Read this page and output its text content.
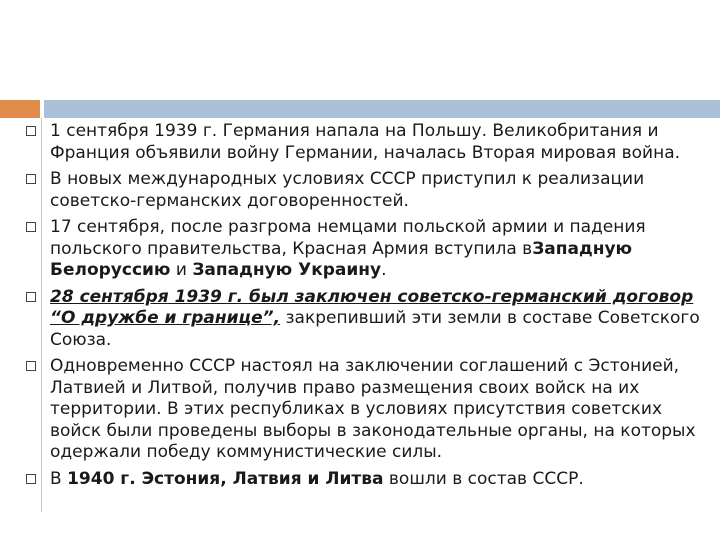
1 сентября 1939 г. Германия напала на Польшу. Великобритания и Франция объявили войну Германии, началась Вторая мировая война.
В новых международных условиях СССР приступил к реализации советско-германских договоренностей.
17 сентября, после разгрома немцами польской армии и падения польского правительства, Красная Армия вступила вЗападную Белоруссию и Западную Украину.
28 сентября 1939 г. был заключен советско-германский договор “О дружбе и границе”, закрепивший эти земли в составе Советского Союза.
Одновременно СССР настоял на заключении соглашений с Эстонией, Латвией и Литвой, получив право размещения своих войск на их территории. В этих республиках в условиях присутствия советских войск были проведены выборы в законодательные органы, на которых одержали победу коммунистические силы.
В 1940 г. Эстония, Латвия и Литва вошли в состав СССР.
